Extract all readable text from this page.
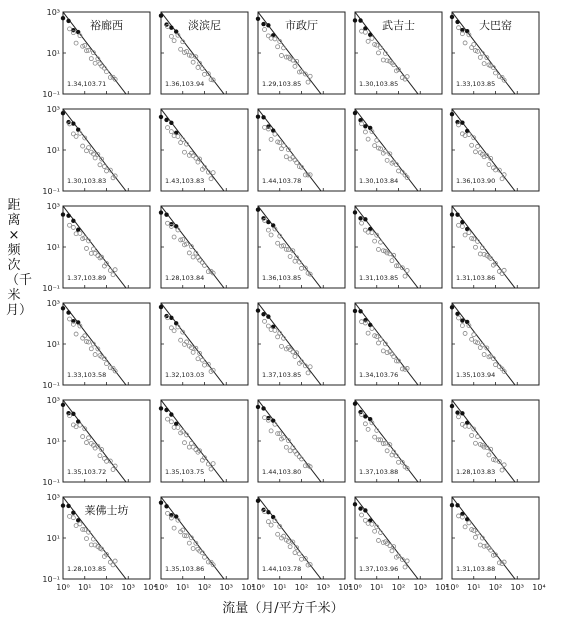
10³
10¹
10⁻¹
裕廊西
1.34,103.71
淡滨尼
1.36,103.94
市政厅
1.29,103.85
武吉士
1.30,103.85
大巴窑
1.33,103.85
10³
10¹
10⁻¹
1.30,103.83	1.43,103.83	1.44,103.78	1.30,103.84	1.36,103.90
10³
10¹
10⁻¹
1.37,103.89	1.28,103.84	1.36,103.85	1.31,103.85	1.31,103.86
10³
10¹
10⁻¹
1.33,103.58	1.32,103.03	1.37,103.85	1.34,103.76	1.35,103.94
10³
10¹
10⁻¹
1.35,103.72	1.35,103.75	1.44,103.80	1.37,103.88	1.28,103.83
10³
10¹
10⁻¹
10⁰ 10¹ 10² 10³ 10⁴
莱佛士坊
1.28,103.85
10⁰ 10¹ 10² 10³ 10⁴
1.35,103.86
10⁰ 10¹ 10² 10³ 10⁴
1.44,103.78
10⁰ 10¹ 10² 10³ 10⁴
1.37,103.96
10⁰ 10¹ 10² 10³ 10⁴
1.31,103.88
距离×频次（千米月）
流量（月/平方千米）
